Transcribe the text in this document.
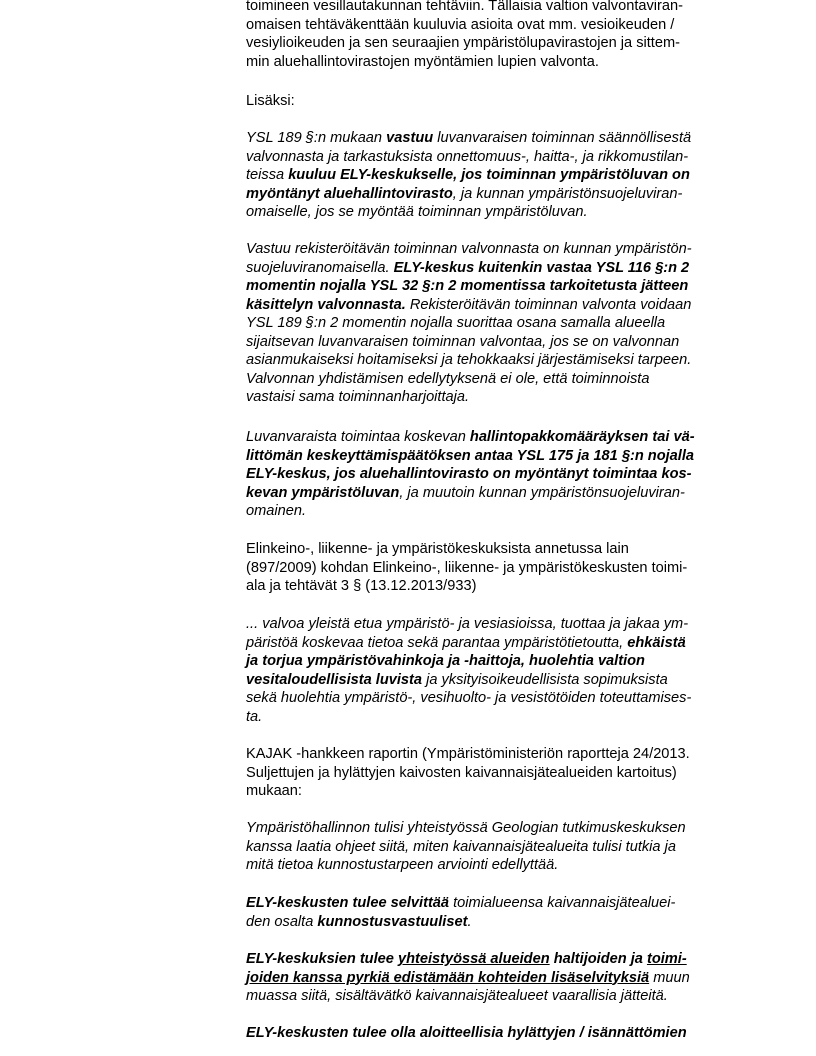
toimineen vesillautakunnan tehtäviin. Tällaisia valtion valvontaviran-
omaisen tehtäväkenttään kuuluvia asioita ovat mm. vesioikeuden /
vesiylioikeuden ja sen seuraajien ympäristölupavirastojen ja sittem-
min aluehallintovirastojen myöntämien lupien valvonta.

Lisäksi:

YSL 189 §:n mukaan vastuu luvanvaraisen toiminnan säännöllisestä
valvonnasta ja tarkastuksista onnettomuus-, haitta-, ja rikkomustilan-
teissa kuuluu ELY-keskukselle, jos toiminnan ympäristöluvan on
myöntänyt aluehallintovirasto, ja kunnan ympäristönsuojeluviran-
omaiselle, jos se myöntää toiminnan ympäristöluvan.

Vastuu rekisteröitävän toiminnan valvonnasta on kunnan ympäristön-
suojeluviranomaisella. ELY-keskus kuitenkin vastaa YSL 116 §:n 2
momentin nojalla YSL 32 §:n 2 momentissa tarkoitetusta jätteen
käsittelyn valvonnasta. Rekisteröitävän toiminnan valvonta voidaan
YSL 189 §:n 2 momentin nojalla suorittaa osana samalla alueella
sijaitsevan luvanvaraisen toiminnan valvontaa, jos se on valvonnan
asianmukaiseksi hoitamiseksi ja tehokkaaksi järjestämiseksi tarpeen.
Valvonnan yhdistämisen edellytyksenä ei ole, että toiminnoista
vastaisi sama toiminnanharjoittaja.

Luvanvaraista toimintaa koskevan hallintopakkomääräyksen tai vä-
littömän keskeyttämispäätöksen antaa YSL 175 ja 181 §:n nojalla
ELY-keskus, jos aluehallintovirasto on myöntänyt toimintaa kos-
kevan ympäristöluvan, ja muutoin kunnan ympäristönsuojeluviran-
omainen.

Elinkeino-, liikenne- ja ympäristökeskuksista annetussa lain
(897/2009) kohdan Elinkeino-, liikenne- ja ympäristökeskusten toimi-
ala ja tehtävät 3 § (13.12.2013/933)

... valvoa yleistä etua ympäristö- ja vesiasioissa, tuottaa ja jakaa ym-
päristöä koskevaa tietoa sekä parantaa ympäristötietoutta, ehkäistä
ja torjua ympäristövahinkoja ja -haittoja, huolehtia valtion
vesitaloudellisista luvista ja yksityisoikeudellisista sopimuksista
sekä huolehtia ympäristö-, vesihuolto- ja vesistötöiden toteuttamises-
ta.

KAJAK -hankkeen raportin (Ympäristöministeriön raportteja 24/2013.
Suljettujen ja hylättyjen kaivosten kaivannaisjätealueiden kartoitus)
mukaan:

Ympäristöhallinnon tulisi yhteistyössä Geologian tutkimuskeskuksen
kanssa laatia ohjeet siitä, miten kaivannaisjätealueita tulisi tutkia ja
mitä tietoa kunnostustarpeen arviointi edellyttää.

ELY-keskusten tulee selvittää toimialueensa kaivannaisjätealuei-
den osalta kunnostusvastuuliset.

ELY-keskuksien tulee yhteistyössä alueiden haltijoiden ja toimi-
joiden kanssa pyrkiä edistämään kohteiden lisäselvityksiä muun
muassa siitä, sisältävätkö kaivannaisjätealueet vaarallisia jätteitä.

ELY-keskusten tulee olla aloitteellisia hylättyjen / isännättömien
